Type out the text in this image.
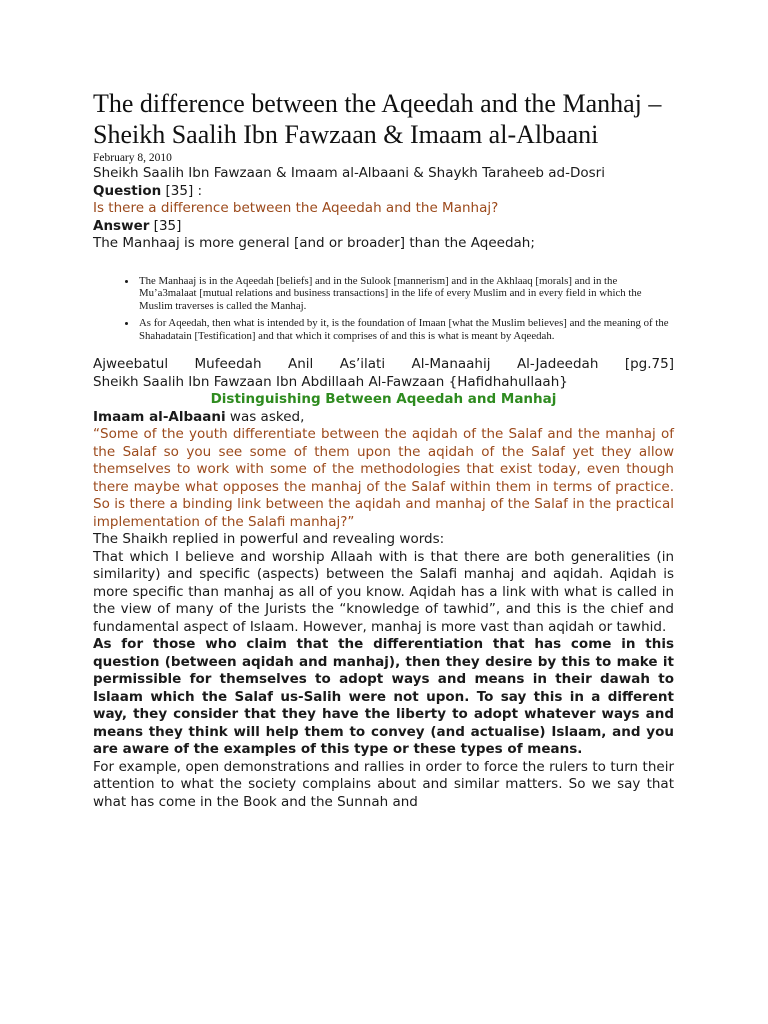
The difference between the Aqeedah and the Manhaj – Sheikh Saalih Ibn Fawzaan & Imaam al-Albaani
February 8, 2010
Sheikh Saalih Ibn Fawzaan & Imaam al-Albaani & Shaykh Taraheeb ad-Dosri
Question [35] :
Is there a difference between the Aqeedah and the Manhaj?
Answer [35]
The Manhaaj is more general [and or broader] than the Aqeedah;
• The Manhaaj is in the Aqeedah [beliefs] and in the Sulook [mannerism] and in the Akhlaaq [morals] and in the Mu’a3malaat [mutual relations and business transactions] in the life of every Muslim and in every field in which the Muslim traverses is called the Manhaj.
• As for Aqeedah, then what is intended by it, is the foundation of Imaan [what the Muslim believes] and the meaning of the Shahadatain [Testification] and that which it comprises of and this is what is meant by Aqeedah.
Ajweebatul Mufeedah Anil As’ilati Al-Manaahij Al-Jadeedah [pg.75]
Sheikh Saalih Ibn Fawzaan Ibn Abdillaah Al-Fawzaan {Hafidhahullaah}
Distinguishing Between Aqeedah and Manhaj
Imaam al-Albaani was asked,
“Some of the youth differentiate between the aqidah of the Salaf and the manhaj of the Salaf so you see some of them upon the aqidah of the Salaf yet they allow themselves to work with some of the methodologies that exist today, even though there maybe what opposes the manhaj of the Salaf within them in terms of practice. So is there a binding link between the aqidah and manhaj of the Salaf in the practical implementation of the Salafi manhaj?”
The Shaikh replied in powerful and revealing words:
That which I believe and worship Allaah with is that there are both generalities (in similarity) and specific (aspects) between the Salafi manhaj and aqidah. Aqidah is more specific than manhaj as all of you know. Aqidah has a link with what is called in the view of many of the Jurists the “knowledge of tawhid”, and this is the chief and fundamental aspect of Islaam. However, manhaj is more vast than aqidah or tawhid.
As for those who claim that the differentiation that has come in this question (between aqidah and manhaj), then they desire by this to make it permissible for themselves to adopt ways and means in their dawah to Islaam which the Salaf us-Salih were not upon. To say this in a different way, they consider that they have the liberty to adopt whatever ways and means they think will help them to convey (and actualise) Islaam, and you are aware of the examples of this type or these types of means.
For example, open demonstrations and rallies in order to force the rulers to turn their attention to what the society complains about and similar matters. So we say that what has come in the Book and the Sunnah and
